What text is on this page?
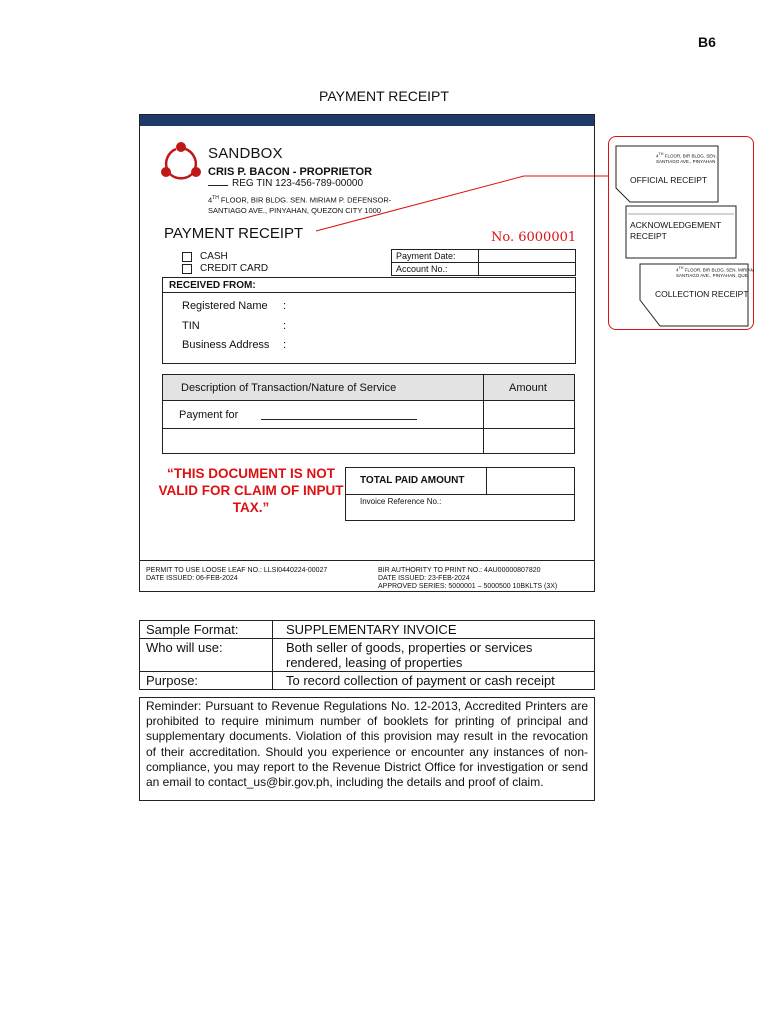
B6
PAYMENT RECEIPT
SANDBOX
CRIS P. BACON - PROPRIETOR
REG TIN 123-456-789-00000
4TH FLOOR, BIR BLDG. SEN. MIRIAM P. DEFENSOR-
SANTIAGO AVE., PINYAHAN, QUEZON CITY 1000
PAYMENT RECEIPT	No. 6000001
CASH
CREDIT CARD
Payment Date:
Account No.:
RECEIVED FROM:
Registered Name :
TIN	:
Business Address :
Description of Transaction/Nature of Service	Amount
Payment for
“THIS DOCUMENT IS NOT VALID FOR CLAIM OF INPUT TAX.”
TOTAL PAID AMOUNT
Invoice Reference No.:
PERMIT TO USE LOOSE LEAF NO.: LLSI0440224-00027
DATE ISSUED: 06-FEB-2024
BIR AUTHORITY TO PRINT NO.: 4AU00000807820
DATE ISSUED: 23-FEB-2024
APPROVED SERIES: 5000001 – 5000500 10BKLTS (3X)
4TH FLOOR, BIR BLDG. SEN.
SANTIAGO AVE., PINYAHAN
OFFICIAL RECEIPT
ACKNOWLEDGEMENT RECEIPT
4TH FLOOR, BIR BLDG. SEN. MIRIAM
SANTIAGO AVE., PINYAHAN, QUE
COLLECTION RECEIPT
Sample Format:	SUPPLEMENTARY INVOICE
Who will use:	Both seller of goods, properties or services rendered, leasing of properties
Purpose:	To record collection of payment or cash receipt
Reminder: Pursuant to Revenue Regulations No. 12-2013, Accredited Printers are prohibited to require minimum number of booklets for printing of principal and supplementary documents. Violation of this provision may result in the revocation of their accreditation. Should you experience or encounter any instances of non-compliance, you may report to the Revenue District Office for investigation or send an email to contact_us@bir.gov.ph, including the details and proof of claim.
